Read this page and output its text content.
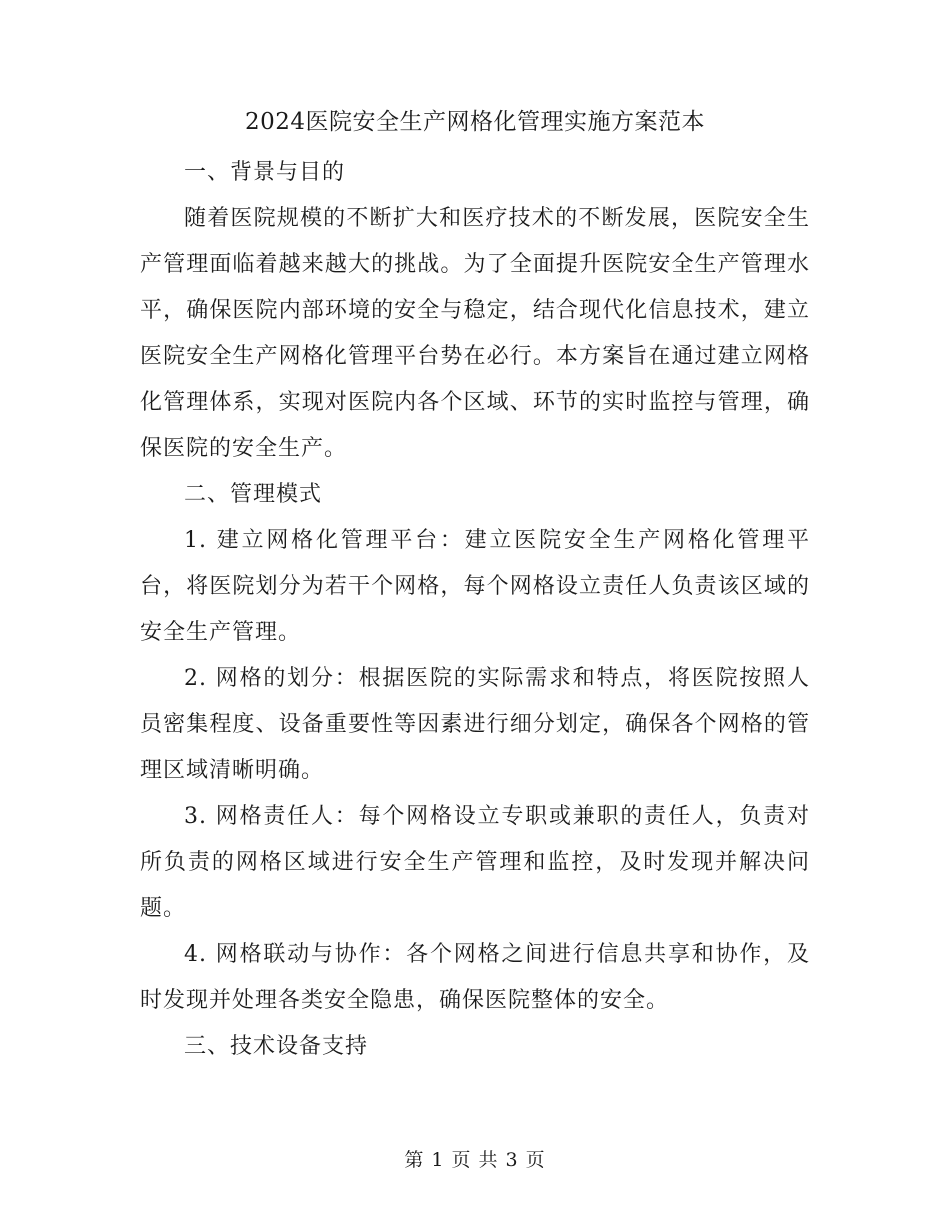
2024医院安全生产网格化管理实施方案范本

一、背景与目的

随着医院规模的不断扩大和医疗技术的不断发展，医院安全生产管理面临着越来越大的挑战。为了全面提升医院安全生产管理水平，确保医院内部环境的安全与稳定，结合现代化信息技术，建立医院安全生产网格化管理平台势在必行。本方案旨在通过建立网格化管理体系，实现对医院内各个区域、环节的实时监控与管理，确保医院的安全生产。

二、管理模式

1. 建立网格化管理平台：建立医院安全生产网格化管理平台，将医院划分为若干个网格，每个网格设立责任人负责该区域的安全生产管理。

2. 网格的划分：根据医院的实际需求和特点，将医院按照人员密集程度、设备重要性等因素进行细分划定，确保各个网格的管理区域清晰明确。

3. 网格责任人：每个网格设立专职或兼职的责任人，负责对所负责的网格区域进行安全生产管理和监控，及时发现并解决问题。

4. 网格联动与协作：各个网格之间进行信息共享和协作，及时发现并处理各类安全隐患，确保医院整体的安全。

三、技术设备支持

第 1 页 共 3 页
